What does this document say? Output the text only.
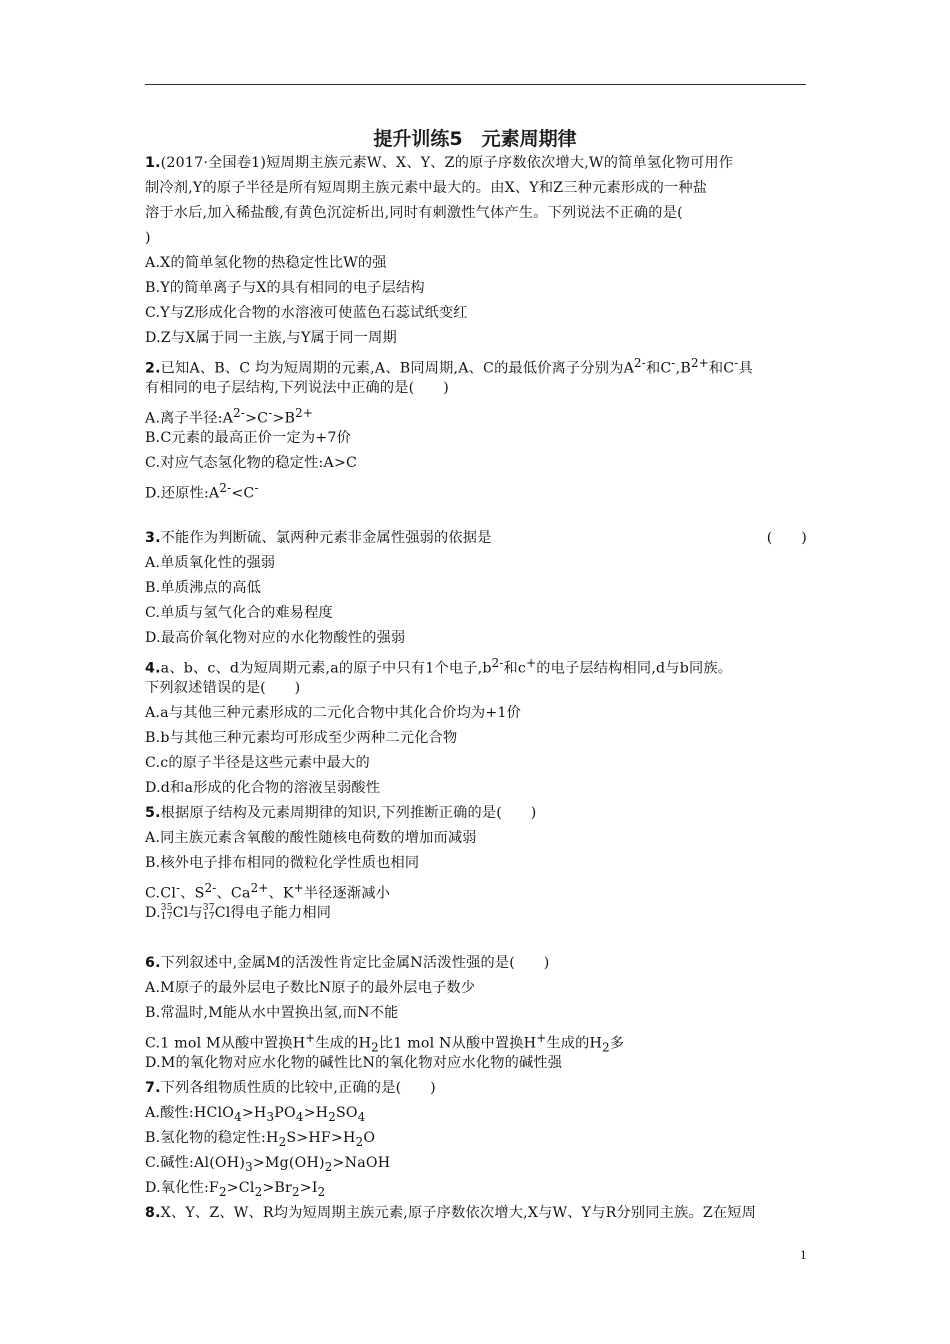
提升训练5　元素周期律
1.(2017·全国卷1)短周期主族元素W、X、Y、Z的原子序数依次增大,W的简单氢化物可用作
制冷剂,Y的原子半径是所有短周期主族元素中最大的。由X、Y和Z三种元素形成的一种盐
溶于水后,加入稀盐酸,有黄色沉淀析出,同时有刺激性气体产生。下列说法不正确的是(
)
A.X的简单氢化物的热稳定性比W的强
B.Y的简单离子与X的具有相同的电子层结构
C.Y与Z形成化合物的水溶液可使蓝色石蕊试纸变红
D.Z与X属于同一主族,与Y属于同一周期
2.已知A、B、C 均为短周期的元素,A、B同周期,A、C的最低价离子分别为$A^{2-}$和$C^-,B^{2+}$和C-具
有相同的电子层结构,下列说法中正确的是(　　)
A.离子半径$:A^{2-}>C^->B^{2+}$
B.C元素的最高正价一定为+7价
C.对应气态氢化物的稳定性:A>C
D.还原性$:A^{2-}<C^-$
3.不能作为判断硫、氯两种元素非金属性强弱的依据是	(　　)
A.单质氧化性的强弱
B.单质沸点的高低
C.单质与氢气化合的难易程度
D.最高价氧化物对应的水化物酸性的强弱
4.a、b、c、d为短周期元素,a的原子中只有1个电子$,b^{2-}$和c+的电子层结构相同,d与b同族。
下列叙述错误的是(　　)
A.a与其他三种元素形成的二元化合物中其化合价均为+1价
B.b与其他三种元素均可形成至少两种二元化合物
C.c的原子半径是这些元素中最大的
D.d和a形成的化合物的溶液呈弱酸性
5.根据原子结构及元素周期律的知识,下列推断正确的是(　　)
A.同主族元素含氧酸的酸性随核电荷数的增加而减弱
B.核外电子排布相同的微粒化学性质也相同
C.Cl-、$S^{2-}$、$Ca^{2+}$、K+半径逐渐减小
D.35
17Cl与37
17Cl得电子能力相同
6.下列叙述中,金属M的活泼性肯定比金属N活泼性强的是(　　)
A.M原子的最外层电子数比N原子的最外层电子数少
B.常温时,M能从水中置换出氢,而N不能
C.1 mol M从酸中置换H+生成的$H_2$比1 mol N从酸中置换H+生成的$H_2$多
D.M的氧化物对应水化物的碱性比N的氧化物对应水化物的碱性强
7.下列各组物质性质的比较中,正确的是(　　)
A.酸性$:HClO_4>H_3PO_4>H_2SO_4$
B.氢化物的稳定性$:H_2S>HF>H_2O$
C.碱性$:Al(OH)_3>Mg(OH)_2>NaOH$
D.氧化性$:F_2>Cl_2>Br_2>I_2$
8.X、Y、Z、W、R均为短周期主族元素,原子序数依次增大,X与W、Y与R分别同主族。Z在短周
1
